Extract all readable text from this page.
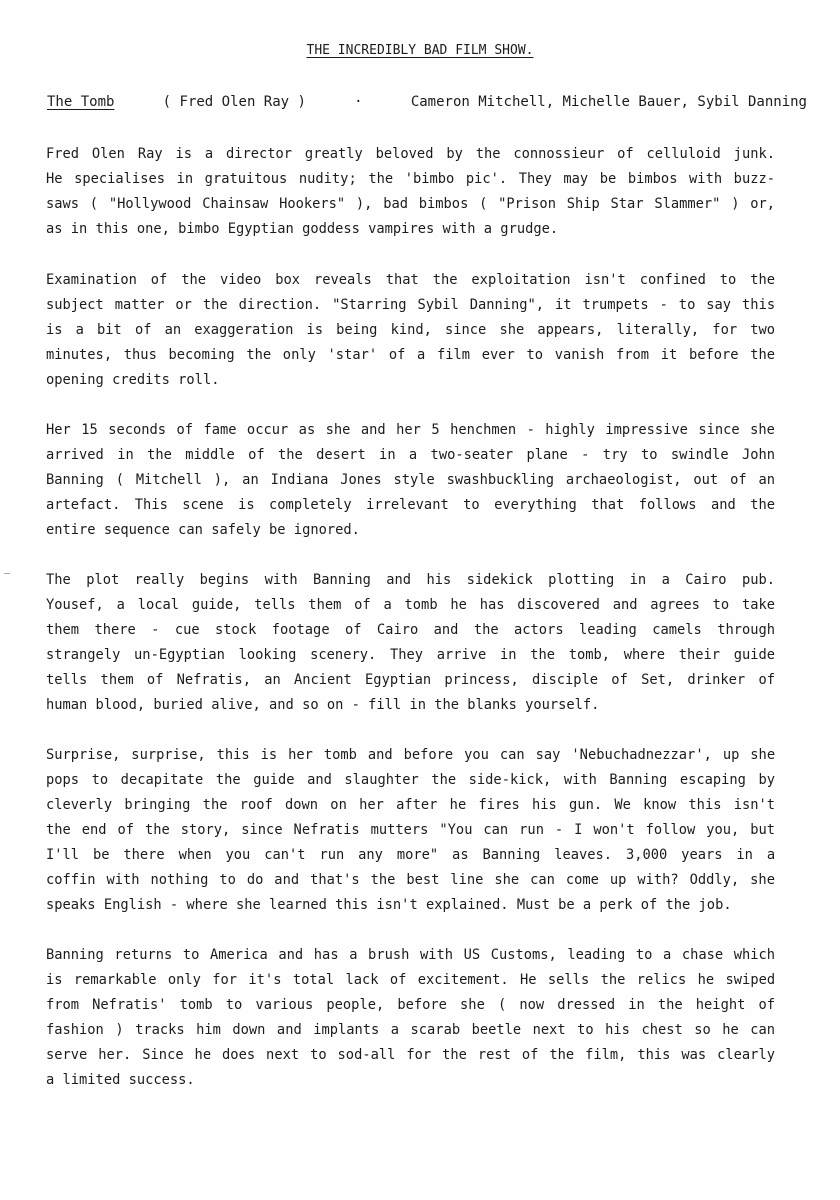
THE INCREDIBLY BAD FILM SHOW.
The Tomb	( Fred Olen Ray )	·	Cameron Mitchell, Michelle Bauer, Sybil Danning
Fred Olen Ray is a director greatly beloved by the connossieur of celluloid junk.
He specialises in gratuitous nudity; the 'bimbo pic'. They may be bimbos with buzz-
saws ( "Hollywood Chainsaw Hookers" ), bad bimbos ( "Prison Ship Star Slammer" ) or,
as in this one, bimbo Egyptian goddess vampires with a grudge.
Examination of the video box reveals that the exploitation isn't confined to the
subject matter or the direction. "Starring Sybil Danning", it trumpets - to say this
is a bit of an exaggeration is being kind, since she appears, literally, for two
minutes, thus becoming the only 'star' of a film ever to vanish from it before the
opening credits roll.
Her 15 seconds of fame occur as she and her 5 henchmen - highly impressive since she
arrived in the middle of the desert in a two-seater plane - try to swindle John
Banning ( Mitchell ), an Indiana Jones style swashbuckling archaeologist, out of an
artefact. This scene is completely irrelevant to everything that follows and the
entire sequence can safely be ignored.
The plot really begins with Banning and his sidekick plotting in a Cairo pub.
Yousef, a local guide, tells them of a tomb he has discovered and agrees to take
them there - cue stock footage of Cairo and the actors leading camels through
strangely un-Egyptian looking scenery. They arrive in the tomb, where their guide
tells them of Nefratis, an Ancient Egyptian princess, disciple of Set, drinker of
human blood, buried alive, and so on - fill in the blanks yourself.
Surprise, surprise, this is her tomb and before you can say 'Nebuchadnezzar', up she
pops to decapitate the guide and slaughter the side-kick, with Banning escaping by
cleverly bringing the roof down on her after he fires his gun. We know this isn't
the end of the story, since Nefratis mutters "You can run - I won't follow you, but
I'll be there when you can't run any more" as Banning leaves. 3,000 years in a
coffin with nothing to do and that's the best line she can come up with? Oddly, she
speaks English - where she learned this isn't explained. Must be a perk of the job.
Banning returns to America and has a brush with US Customs, leading to a chase which
is remarkable only for it's total lack of excitement. He sells the relics he swiped
from Nefratis' tomb to various people, before she ( now dressed in the height of
fashion ) tracks him down and implants a scarab beetle next to his chest so he can
serve her. Since he does next to sod-all for the rest of the film, this was clearly
a limited success.
